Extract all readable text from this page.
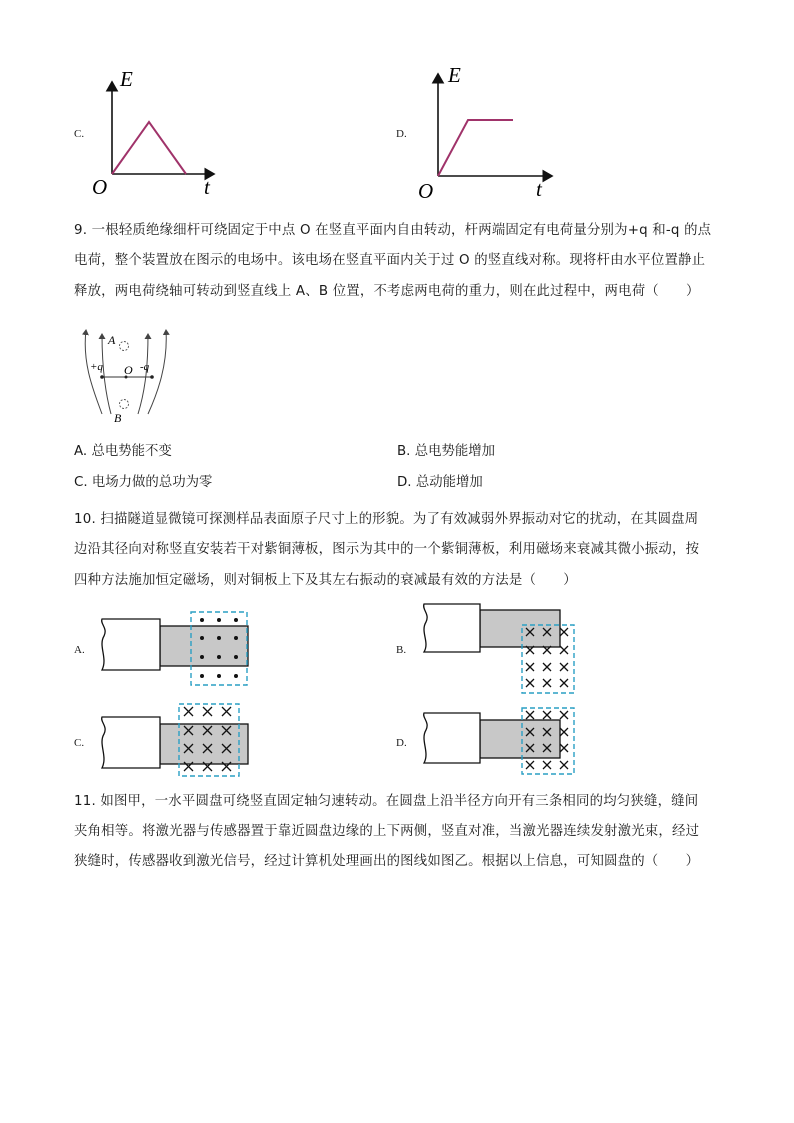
C.
E
t
O
D.
E
t
O
9. 一根轻质绝缘细杆可绕固定于中点 O 在竖直平面内自由转动，杆两端固定有电荷量分别为+q 和-q 的点
电荷，整个装置放在图示的电场中。该电场在竖直平面内关于过 O 的竖直线对称。现将杆由水平位置静止
释放，两电荷绕轴可转动到竖直线上 A、B 位置，不考虑两电荷的重力，则在此过程中，两电荷（　　）
A
B
O
+q	-q
A. 总电势能不变	B. 总电势能增加
C. 电场力做的总功为零	D. 总动能增加
10. 扫描隧道显微镜可探测样品表面原子尺寸上的形貌。为了有效减弱外界振动对它的扰动，在其圆盘周
边沿其径向对称竖直安装若干对紫铜薄板，图示为其中的一个紫铜薄板，利用磁场来衰减其微小振动，按
四种方法施加恒定磁场，则对铜板上下及其左右振动的衰减最有效的方法是（　　）
A.	B.
C.	D.
11. 如图甲，一水平圆盘可绕竖直固定轴匀速转动。在圆盘上沿半径方向开有三条相同的均匀狭缝，缝间
夹角相等。将激光器与传感器置于靠近圆盘边缘的上下两侧，竖直对准，当激光器连续发射激光束，经过
狭缝时，传感器收到激光信号，经过计算机处理画出的图线如图乙。根据以上信息，可知圆盘的（　　）
